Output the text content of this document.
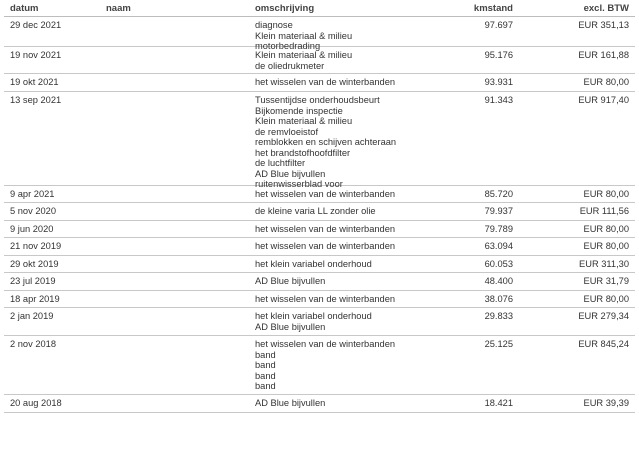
datum	naam	omschrijving	kmstand	excl. BTW
29 dec 2021	diagnose
Klein materiaal & milieu
motorbedrading
97.697	EUR 351,13
19 nov 2021	Klein materiaal & milieu
de oliedrukmeter
95.176	EUR 161,88
19 okt 2021	het wisselen van de winterbanden	93.931	EUR 80,00
13 sep 2021	Tussentijdse onderhoudsbeurt
Bijkomende inspectie
Klein materiaal & milieu
de remvloeistof
remblokken en schijven achteraan
het brandstofhoofdfilter
de luchtfilter
AD Blue bijvullen
ruitenwisserblad voor
91.343	EUR 917,40
9 apr 2021	het wisselen van de winterbanden	85.720	EUR 80,00
5 nov 2020	de kleine varia LL zonder olie	79.937	EUR 111,56
9 jun 2020	het wisselen van de winterbanden	79.789	EUR 80,00
21 nov 2019	het wisselen van de winterbanden	63.094	EUR 80,00
29 okt 2019	het klein variabel onderhoud	60.053	EUR 311,30
23 jul 2019	AD Blue bijvullen	48.400	EUR 31,79
18 apr 2019	het wisselen van de winterbanden	38.076	EUR 80,00
2 jan 2019	het klein variabel onderhoud
AD Blue bijvullen
29.833	EUR 279,34
2 nov 2018	het wisselen van de winterbanden
band
band
band
band
25.125	EUR 845,24
20 aug 2018	AD Blue bijvullen	18.421	EUR 39,39
